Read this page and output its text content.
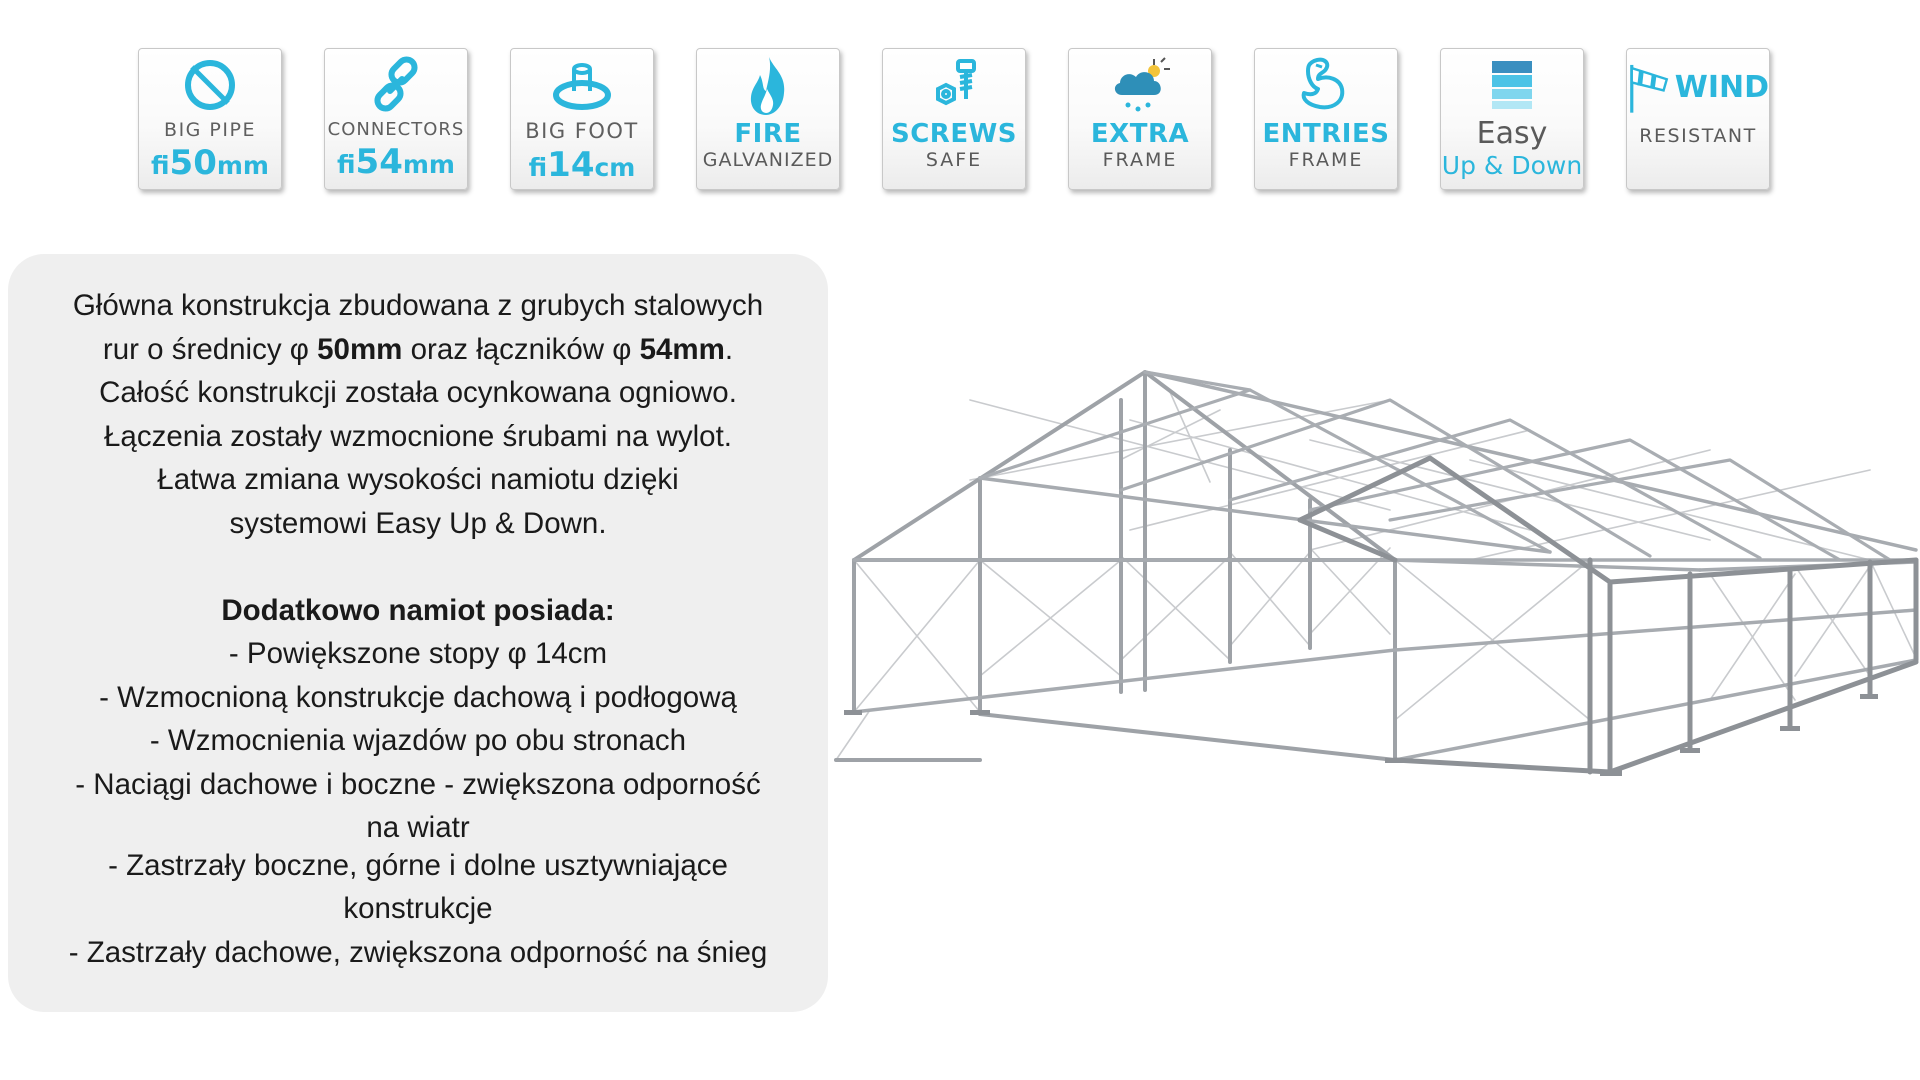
BIG PIPE
fi50mm
CONNECTORS
fi54mm
BIG FOOT
fi14cm
FIRE
GALVANIZED
SCREWS
SAFE
EXTRA
FRAME
ENTRIES
FRAME
Easy
Up & Down
WIND
RESISTANT

Główna konstrukcja zbudowana z grubych stalowych

rur o średnicy φ 50mm oraz łączników φ 54mm.

Całość konstrukcji została ocynkowana ogniowo.

Łączenia zostały wzmocnione śrubami na wylot.

Łatwa zmiana wysokości namiotu dzięki

systemowi Easy Up & Down.

Dodatkowo namiot posiada:

- Powiększone stopy φ 14cm

- Wzmocnioną konstrukcje dachową i podłogową

- Wzmocnienia wjazdów po obu stronach

- Naciągi dachowe i boczne - zwiększona odporność

na wiatr

- Zastrzały boczne, górne i dolne usztywniające

konstrukcje

- Zastrzały dachowe, zwiększona odporność na śnieg
